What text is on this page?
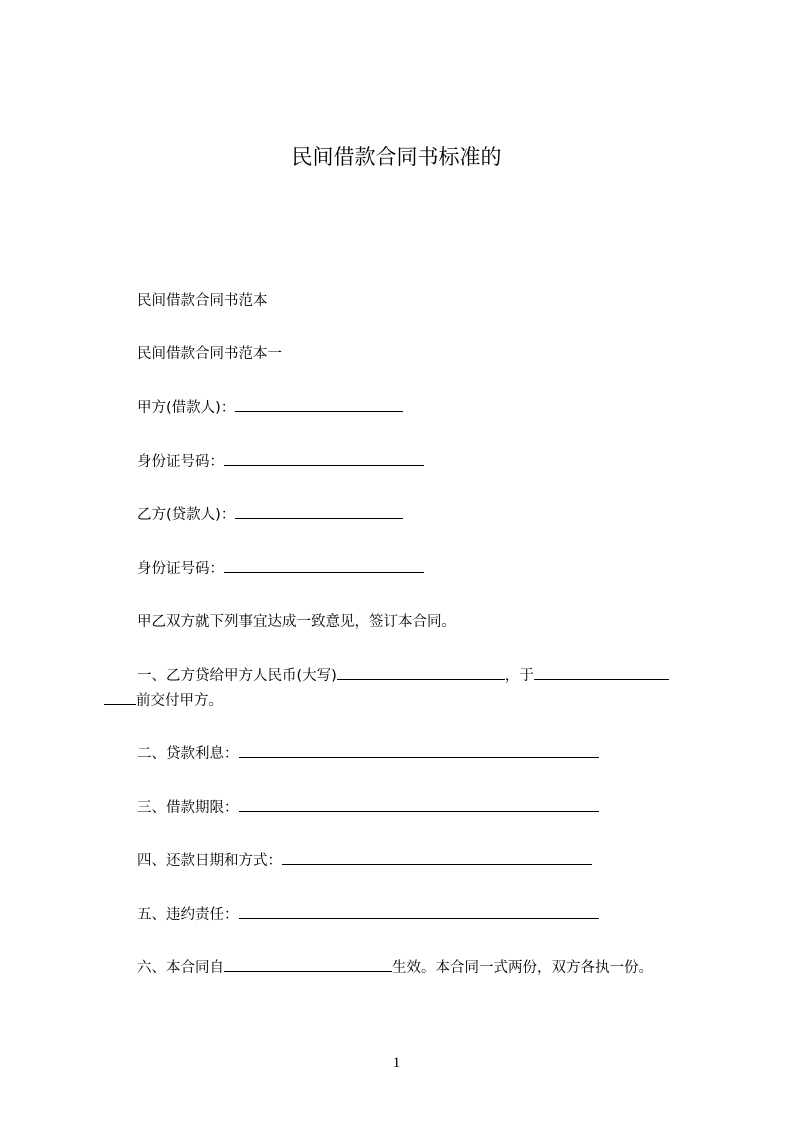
民间借款合同书标准的
民间借款合同书范本
民间借款合同书范本一
甲方(借款人)：
身份证号码：
乙方(贷款人)：
身份证号码：
甲乙双方就下列事宜达成一致意见，签订本合同。
一、乙方贷给甲方人民币(大写)	，于
前交付甲方。
二、贷款利息：
三、借款期限：
四、还款日期和方式：
五、违约责任：
六、本合同自	生效。本合同一式两份，双方各执一份。
1
